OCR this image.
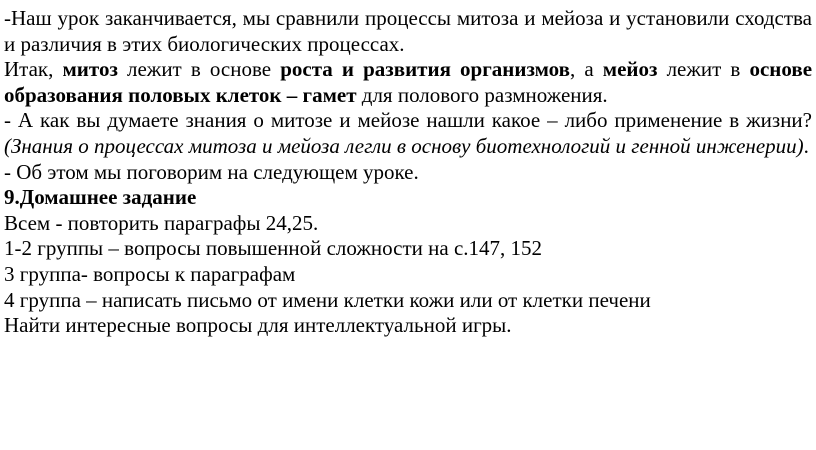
-Наш урок заканчивается, мы сравнили процессы митоза и мейоза и установили сходства и различия в этих биологических процессах.

Итак, митоз лежит в основе роста и развития организмов, а мейоз лежит в основе образования половых клеток – гамет для полового размножения.

- А как вы думаете знания о митозе и мейозе нашли какое – либо применение в жизни? (Знания о процессах митоза и мейоза легли в основу биотехнологий и генной инженерии).

- Об этом мы поговорим на следующем уроке.

9.Домашнее задание

Всем - повторить параграфы 24,25.

1-2 группы – вопросы повышенной сложности на с.147, 152

3 группа- вопросы к параграфам

4 группа – написать письмо от имени клетки кожи или от клетки печени

Найти интересные вопросы для интеллектуальной игры.
